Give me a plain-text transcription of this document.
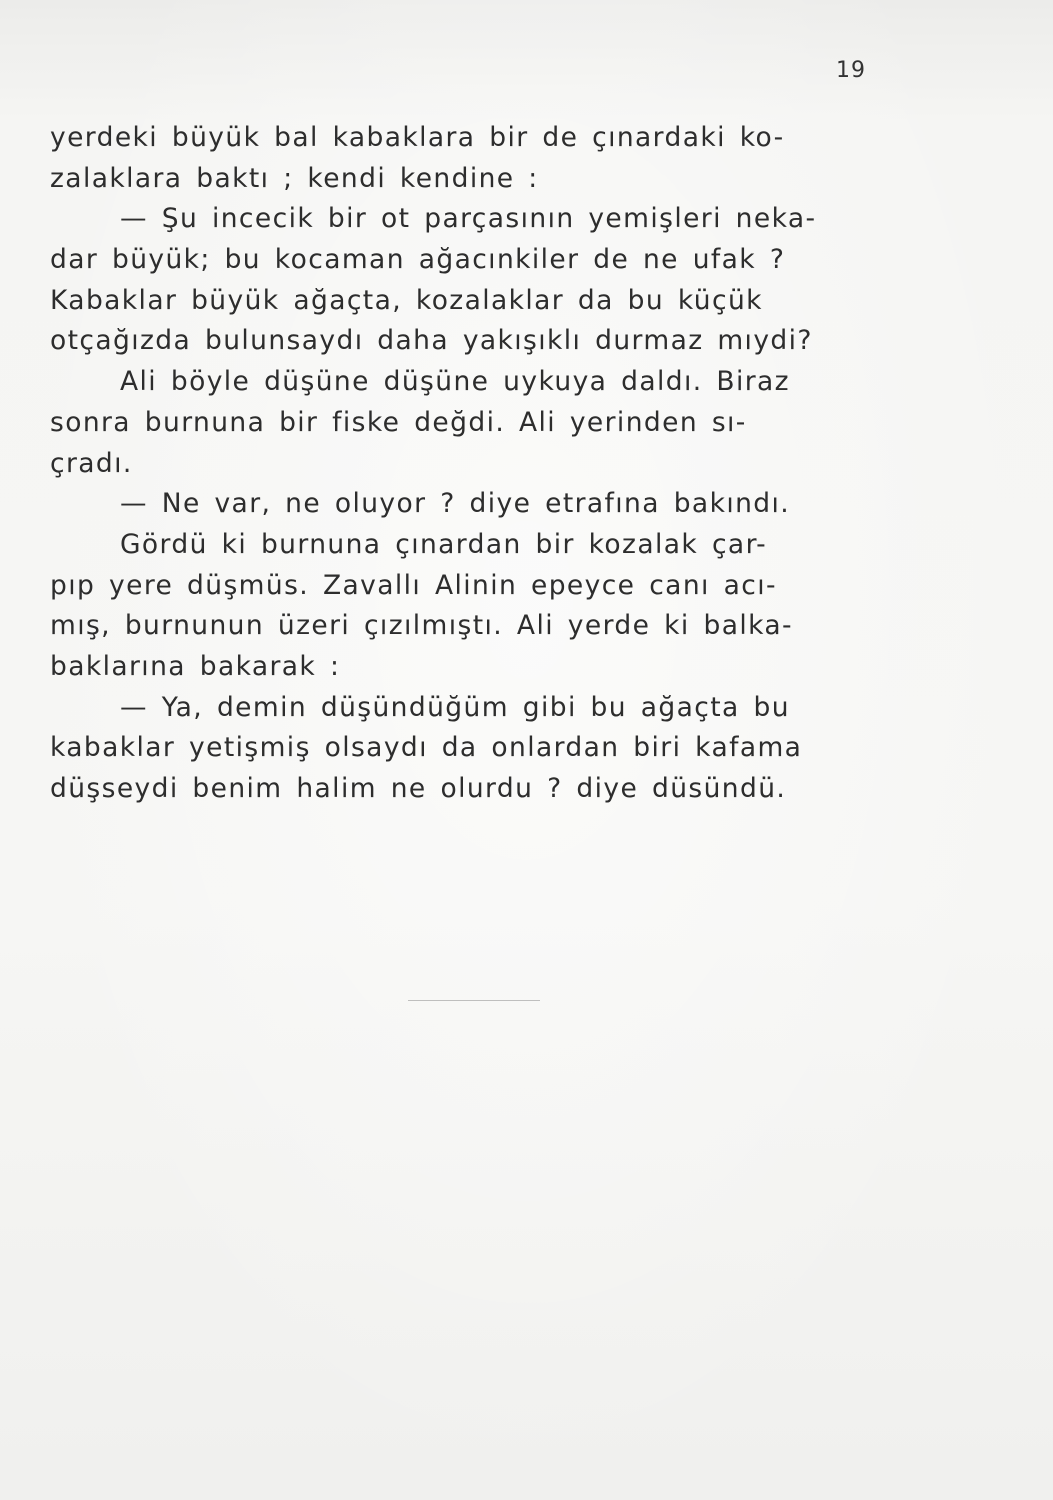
19
yerdeki büyük bal kabaklara bir de çınardaki ko-
zalaklara baktı ; kendi kendine :
— Şu incecik bir ot parçasının yemişleri neka-
dar büyük; bu kocaman ağacınkiler de ne ufak ?
Kabaklar büyük ağaçta, kozalaklar da bu küçük
otçağızda bulunsaydı daha yakışıklı durmaz mıydi?
Ali böyle düşüne düşüne uykuya daldı. Biraz
sonra burnuna bir fiske değdi. Ali yerinden sı-
çradı.
— Ne var, ne oluyor ? diye etrafına bakındı.
Gördü ki burnuna çınardan bir kozalak çar-
pıp yere düşmüs. Zavallı Alinin epeyce canı acı-
mış, burnunun üzeri çızılmıştı. Ali yerde ki balka-
baklarına bakarak :
— Ya, demin düşündüğüm gibi bu ağaçta bu
kabaklar yetişmiş olsaydı da onlardan biri kafama
düşseydi benim halim ne olurdu ? diye düsündü.
